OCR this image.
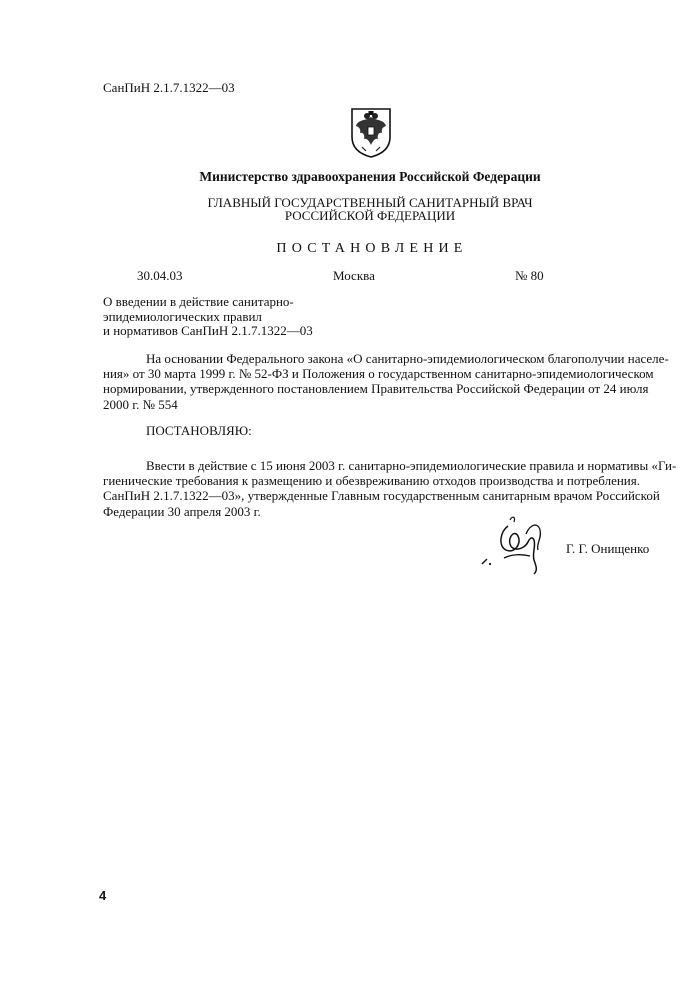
СанПиН 2.1.7.1322—03
Министерство здравоохранения Российской Федерации
ГЛАВНЫЙ ГОСУДАРСТВЕННЫЙ САНИТАРНЫЙ ВРАЧ
РОССИЙСКОЙ ФЕДЕРАЦИИ
ПОСТАНОВЛЕНИЕ
30.04.03	Москва	№ 80
О введении в действие санитарно-
эпидемиологических правил
и нормативов СанПиН 2.1.7.1322—03
На основании Федерального закона «О санитарно-эпидемиологическом благополучии населе-
ния» от 30 марта 1999 г. № 52-ФЗ и Положения о государственном санитарно-эпидемиологическом
нормировании, утвержденного постановлением Правительства Российской Федерации от 24 июля
2000 г. № 554
ПОСТАНОВЛЯЮ:
Ввести в действие с 15 июня 2003 г. санитарно-эпидемиологические правила и нормативы «Ги-
гиенические требования к размещению и обезвреживанию отходов производства и потребления.
СанПиН 2.1.7.1322—03», утвержденные Главным государственным санитарным врачом Российской
Федерации 30 апреля 2003 г.
Г. Г. Онищенко
4
